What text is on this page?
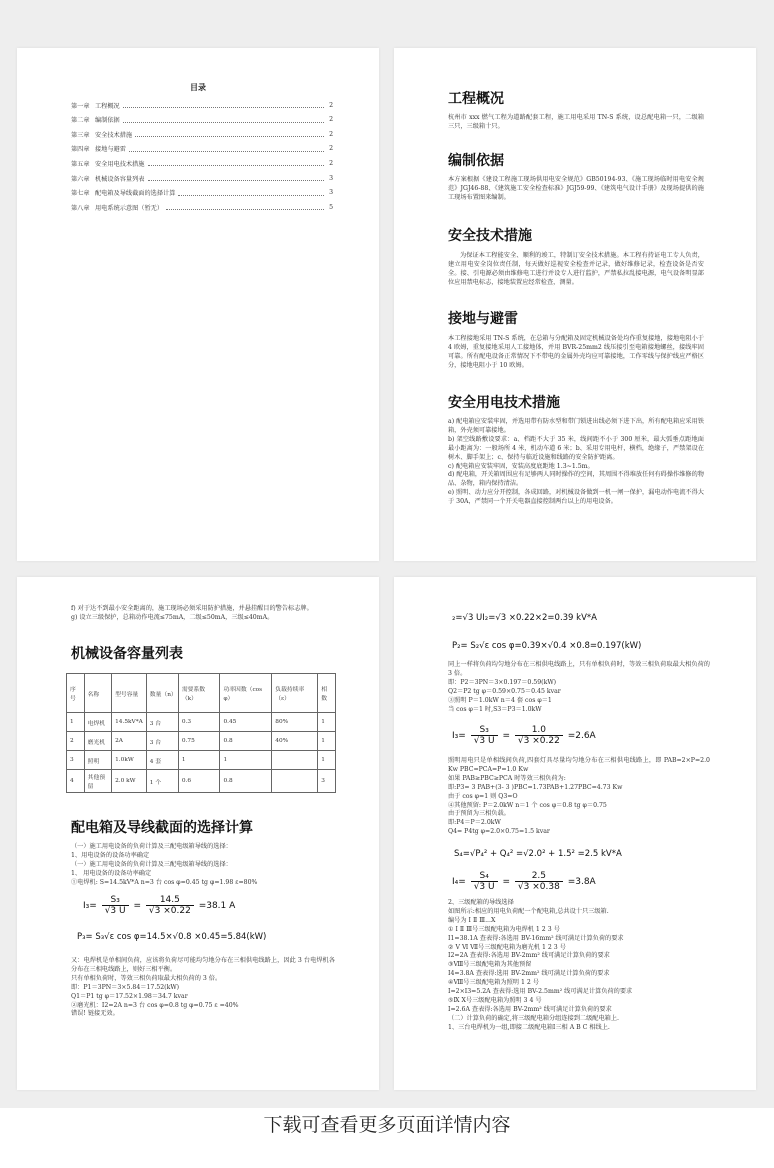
目录
第一章 工程概况	2
第二章 编制依据	2
第三章 安全技术措施	2
第四章 接地与避雷	2
第五章 安全用电技术措施	2
第六章 机械设备容量列表	3
第七章 配电箱及导线截面的选择计算	3
第八章 用电系统示意图（暂无）	5
工程概况
杭州市 xxx 燃气工程为道路配套工程，施工用电采用 TN-S 系统，设总配电箱一只，二级箱三只，三级箱十只。
编制依据
本方案根据《建设工程施工现场供用电安全规范》GB50194-93、《施工现场临时用电安全规范》JGJ46-88、《建筑施工安全检查标准》JGJ59-99、《建筑电气设计手册》及现场提供的施工现场布置图来编制。
安全技术措施
为保证本工程能安全、顺利的竣工，特制订安全技术措施。本工程有持证电工专人负责，建立用电安全岗位责任制，每天做好巡视安全检查并记录，做好维修记录，检查设备是否安全。接、引电源必须由维修电工进行并设专人进行监护，严禁私拉乱接电源，电气设备明显部位应用禁电标志，接地装置应经常检查，测量。
接地与避雷
本工程接地采用 TN-S 系统，在总箱与分配箱及固定机械设备处均作重复接地，接地电阻小于 4 欧姆，重复接地采用人工接地体，并用 BVR-25mm2 线压接引至电箱接地螺丝，接线牢固可靠。所有配电设备正常情况下不带电的金属外壳均应可靠接地，工作零线与保护线应严格区分，接地电阻小于 10 欧姆。
安全用电技术措施
a) 配电箱应安装牢固，并选用带有防水型和带门锁进出线必须下进下出，所有配电箱应采用铁箱，外壳须可靠接地。
b) 架空线路敷设要求：a、档距不大于 35 米，线间距不小于 300 厘米，最大弧垂点距地面最小距离为：一般场所 4 米，机动车道 6 米；b、采用专用电杆，横档，绝缘子，严禁架设在树木、脚手架上；c、保持与临近设施和线路的安全防护距离。
c) 配电箱应安装牢固，安装高度底距地 1.3~1.5m。
d) 配电箱，开关箱周围应有足够两人同时操作的空间，其周围不得堆放任何有碍操作维修的物品、杂物，箱内保持清洁。
e) 照明、动力应分开控制，各成回路，对机械设备做到一机一闸一保护，漏电动作电流不得大于 30A，严禁同一个开关电器直接控制两台以上的用电设备。
f) 对于达不到最小安全距离的，施工现场必须采用防护措施，并悬挂醒目的警告标志牌。
g) 设立三级保护，总箱动作电流≤75mA，二级≤50mA，三级≤40mA。
机械设备容量列表
序号	名称	型号容量	数量（n）	需要系数（k）	功率因数（cos φ）	负载持续率（ε）	相数
1	电焊机	14.5kV*A	3 台	0.3	0.45	80%	1
2	磨光机	2A	3 台	0.75	0.8	40%	1
3	照明	1.0kW	4 套	1	1		1
4	其他预留	2.0 kW	1 个	0.6	0.8		3
配电箱及导线截面的选择计算
（一）施工用电设备的负荷计算及三配电级箱导线的选择：
1、用电设备的设备功率确定
（一）施工用电设备的负荷计算及三配电级箱导线的选择：
1、 用电设备的设备功率确定
①电焊机: S=14.5kV*A n=3 台 cos φ=0.45 tg φ=1.98 ε=80%
$I_3= \frac{\text{S₃}}{√3 U} = \frac{14.5}{√3 \times 0.22} =38.1$ A
P₃= S₃√ε cos φ=14.5×√0.8 ×0.45=5.84(kW)
又：电焊机是单相间负荷，应该将负荷尽可能均匀地分布在三相供电线路上，因此 3 台电焊机各分布在三相电线路上，则好三相平衡。
只有单相负荷时，等效三相负荷取最大相负荷的 3 倍。
即：P1＝3PN＝3×5.84＝17.52(kW)
Q1＝P1 tg φ＝17.52×1.98＝34.7 kvar
②磨光机：I2=2A n=3 台 cos φ=0.8 tg φ=0.75 ε =40%
错误! 链接无效。
₂=√3 UI₂=√3 ×0.22×2=0.39 kV*A
P₂= S₂√ε cos φ=0.39×√0.4 ×0.8=0.197(kW)
同上一样将负荷均匀地分布在三相供电线路上，只有单相负荷时，等效三相负荷取最大相负荷的 3 倍。
即：P2＝3PN＝3×0.197＝0.59(kW)
Q2＝P2 tg φ＝0.59×0.75＝0.45 kvar
③照明 P＝1.0kW n＝4 套 cos φ＝1
当 cos φ＝1 时,S3＝P3＝1.0kW
$I_3= \frac{\text{S₃}}{√3 U} = \frac{1.0}{√3 \times 0.22} =2.6A$
照明用电只是单相线间负荷,四套灯具尽量均匀地分布在三相供电线路上，即 PAB=2×P=2.0 Kw PBC=PCA=P=1.0 Kw
如果 PAB≥PBC≥PCA 时等效三相负荷为:
即:P3= 3 PAB+(3- 3 )PBC=1.73PAB+1.27PBC=4.73 Kw
由于 cos φ=1 则 Q3=O
④其他预留: P＝2.0kW n＝1 个 cos φ＝0.8 tg φ＝0.75
由于预留为三相负载。
即:P4＝P＝2.0kW
Q4= P4tg φ=2.0×0.75=1.5 kvar
S₄=√P₄² + Q₄² =√2.0² + 1.5² =2.5 kV*A
$I_4= \frac{\text{S₄}}{√3 U} = \frac{2.5}{√3 \times 0.38} =3.8A$
2、三级配箱的导线选择
如图所示:相应的用电负荷配一个配电箱,总共设十只三级箱.
编号为 I Ⅱ Ⅲ...X
① Ⅰ Ⅱ Ⅲ号三级配电箱为电焊机 1 2 3 号
I1=38.1A 查表得:各选用 BV-16mm² 线可满足计算负荷的要求
② Ⅴ Ⅵ Ⅶ号三级配电箱为磨光机 1 2 3 号
I2=2A 查表得:各选用 BV-2mm² 线可满足计算负荷的要求
③Ⅷ号三级配电箱为其他预留
I4=3.8A 查表得:选用 BV-2mm² 线可满足计算负荷的要求
④Ⅷ号三级配电箱为照明 1 2 号
I=2×I3=5.2A 查表得:选用 BV-2.5mm² 线可满足计算负荷的要求
⑤Ⅸ Ⅹ号三级配电箱为照明 3 4 号
I=2.6A 查表得:各选用 BV-2mm² 线可满足计算负荷的要求
（二）计算负荷的确定,将三级配电箱分组连接到二级配电箱上.
1、三台电焊机为一组,即接二级配电箱Ⅰ三相 A B C 相线上.
下载可查看更多页面详情内容
